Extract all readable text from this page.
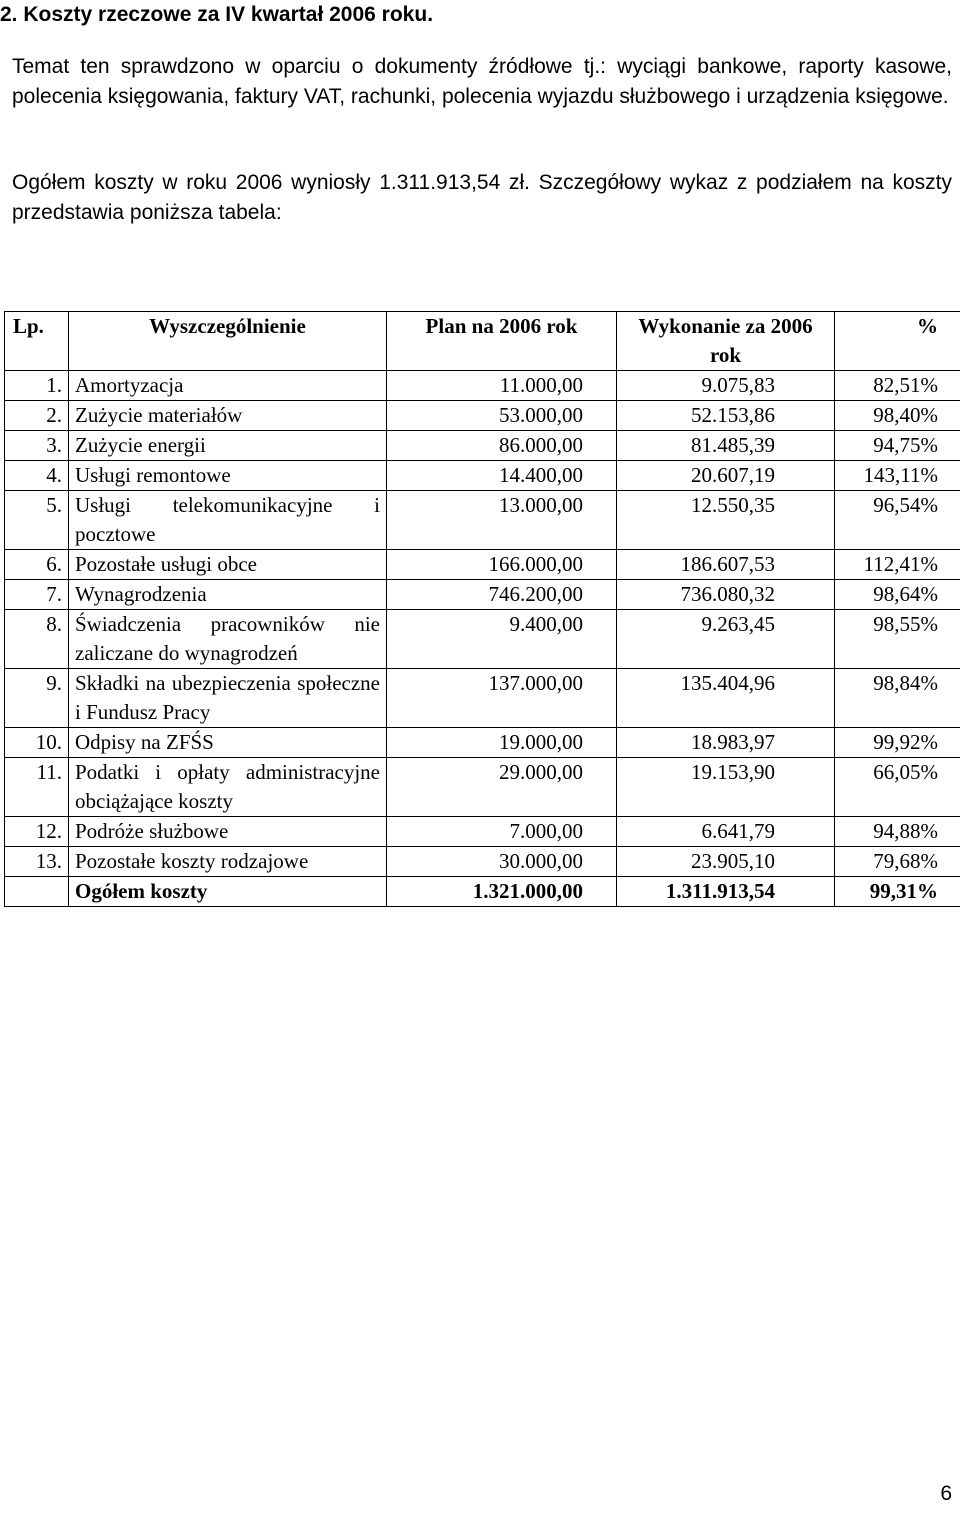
2. Koszty rzeczowe za IV kwartał 2006 roku.
Temat ten sprawdzono w oparciu o dokumenty źródłowe tj.: wyciągi bankowe, raporty kasowe, polecenia księgowania, faktury VAT, rachunki, polecenia wyjazdu służbowego i urządzenia księgowe.
Ogółem koszty w roku 2006 wyniosły 1.311.913,54 zł. Szczegółowy wykaz z podziałem na koszty przedstawia poniższa tabela:
Lp.	Wyszczególnienie	Plan na 2006 rok	Wykonanie za 2006 rok	%
1.	Amortyzacja	11.000,00	9.075,83	82,51%
2.	Zużycie materiałów	53.000,00	52.153,86	98,40%
3.	Zużycie energii	86.000,00	81.485,39	94,75%
4.	Usługi remontowe	14.400,00	20.607,19	143,11%
5.	Usługi telekomunikacyjne i pocztowe	13.000,00	12.550,35	96,54%
6.	Pozostałe usługi obce	166.000,00	186.607,53	112,41%
7.	Wynagrodzenia	746.200,00	736.080,32	98,64%
8.	Świadczenia pracowników nie zaliczane do wynagrodzeń	9.400,00	9.263,45	98,55%
9.	Składki na ubezpieczenia społeczne i Fundusz Pracy	137.000,00	135.404,96	98,84%
10.	Odpisy na ZFŚS	19.000,00	18.983,97	99,92%
11.	Podatki i opłaty administracyjne obciążające koszty	29.000,00	19.153,90	66,05%
12.	Podróże służbowe	7.000,00	6.641,79	94,88%
13.	Pozostałe koszty rodzajowe	30.000,00	23.905,10	79,68%
	Ogółem koszty	1.321.000,00	1.311.913,54	99,31%
6
